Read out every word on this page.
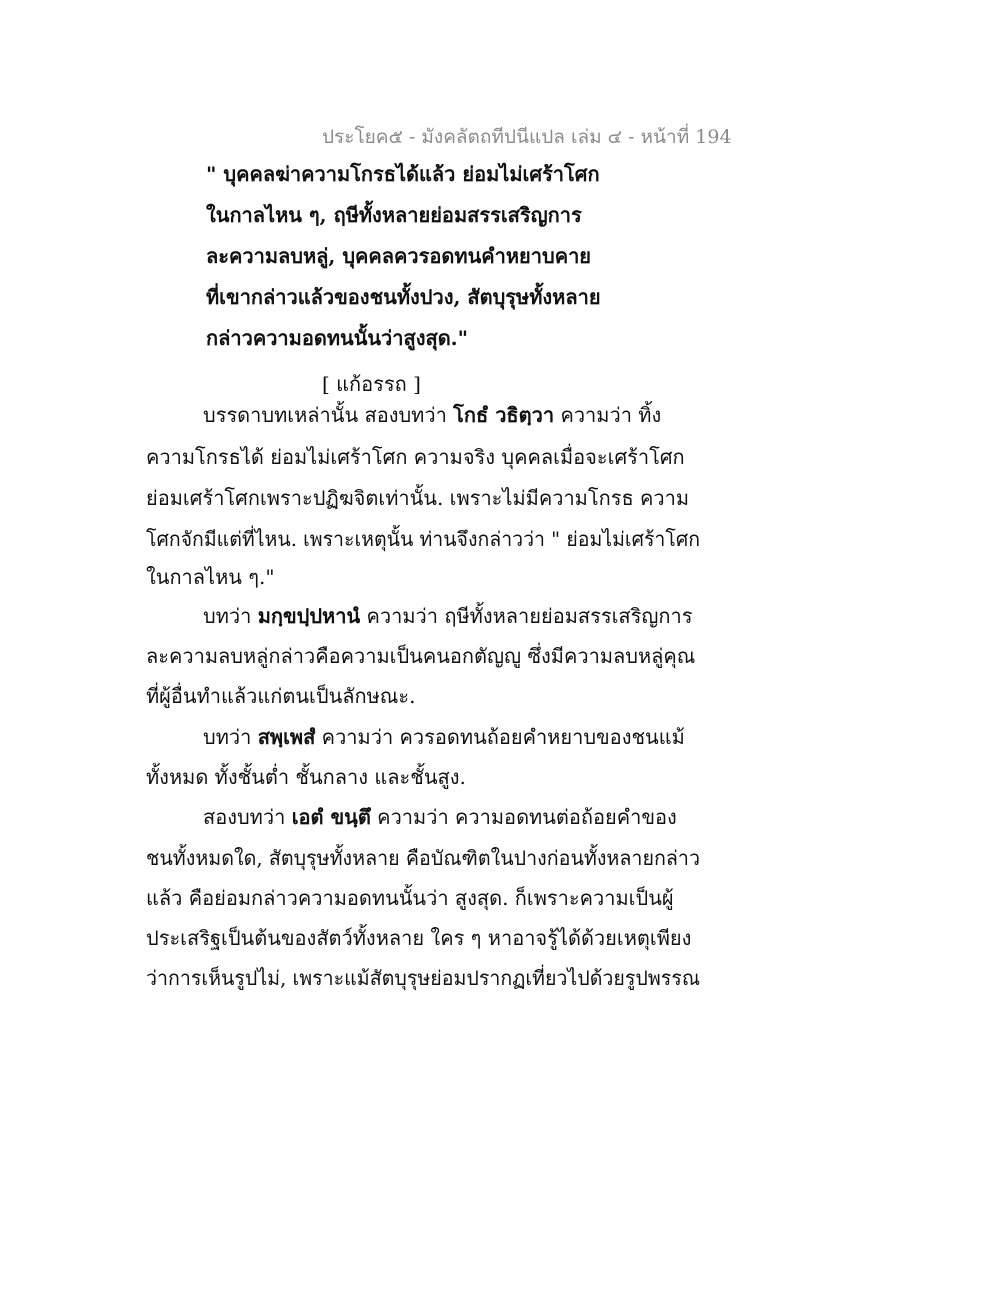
ประโยค๕ - มังคลัตถทีปนีแปล เล่ม ๔ - หน้าที่ 194
" บุคคลฆ่าความโกรธได้แล้ว ย่อมไม่เศร้าโศก
ในกาลไหน ๆ, ฤษีทั้งหลายย่อมสรรเสริญการ
ละความลบหลู่, บุคคลควรอดทนคำหยาบคาย
ที่เขากล่าวแล้วของชนทั้งปวง, สัตบุรุษทั้งหลาย
กล่าวความอดทนนั้นว่าสูงสุด."
[ แก้อรรถ ]
บรรดาบทเหล่านั้น สองบทว่า โกธํ วธิตฺวา ความว่า ทิ้ง
ความโกรธได้ ย่อมไม่เศร้าโศก ความจริง บุคคลเมื่อจะเศร้าโศก
ย่อมเศร้าโศกเพราะปฏิฆจิตเท่านั้น. เพราะไม่มีความโกรธ ความ
โศกจักมีแต่ที่ไหน. เพราะเหตุนั้น ท่านจึงกล่าวว่า " ย่อมไม่เศร้าโศก
ในกาลไหน ๆ."
บทว่า มกฺขปฺปหานํ ความว่า ฤษีทั้งหลายย่อมสรรเสริญการ
ละความลบหลู่กล่าวคือความเป็นคนอกตัญญู ซึ่งมีความลบหลู่คุณ
ที่ผู้อื่นทำแล้วแก่ตนเป็นลักษณะ.
บทว่า สพฺเพสํ ความว่า ควรอดทนถ้อยคำหยาบของชนแม้
ทั้งหมด ทั้งชั้นต่ำ ชั้นกลาง และชั้นสูง.
สองบทว่า เอตํ ขนฺตึ ความว่า ความอดทนต่อถ้อยคำของ
ชนทั้งหมดใด, สัตบุรุษทั้งหลาย คือบัณฑิตในปางก่อนทั้งหลายกล่าว
แล้ว คือย่อมกล่าวความอดทนนั้นว่า สูงสุด. ก็เพราะความเป็นผู้
ประเสริฐเป็นต้นของสัตว์ทั้งหลาย ใคร ๆ หาอาจรู้ได้ด้วยเหตุเพียง
ว่าการเห็นรูปไม่, เพราะแม้สัตบุรุษย่อมปรากฏเที่ยวไปด้วยรูปพรรณ
